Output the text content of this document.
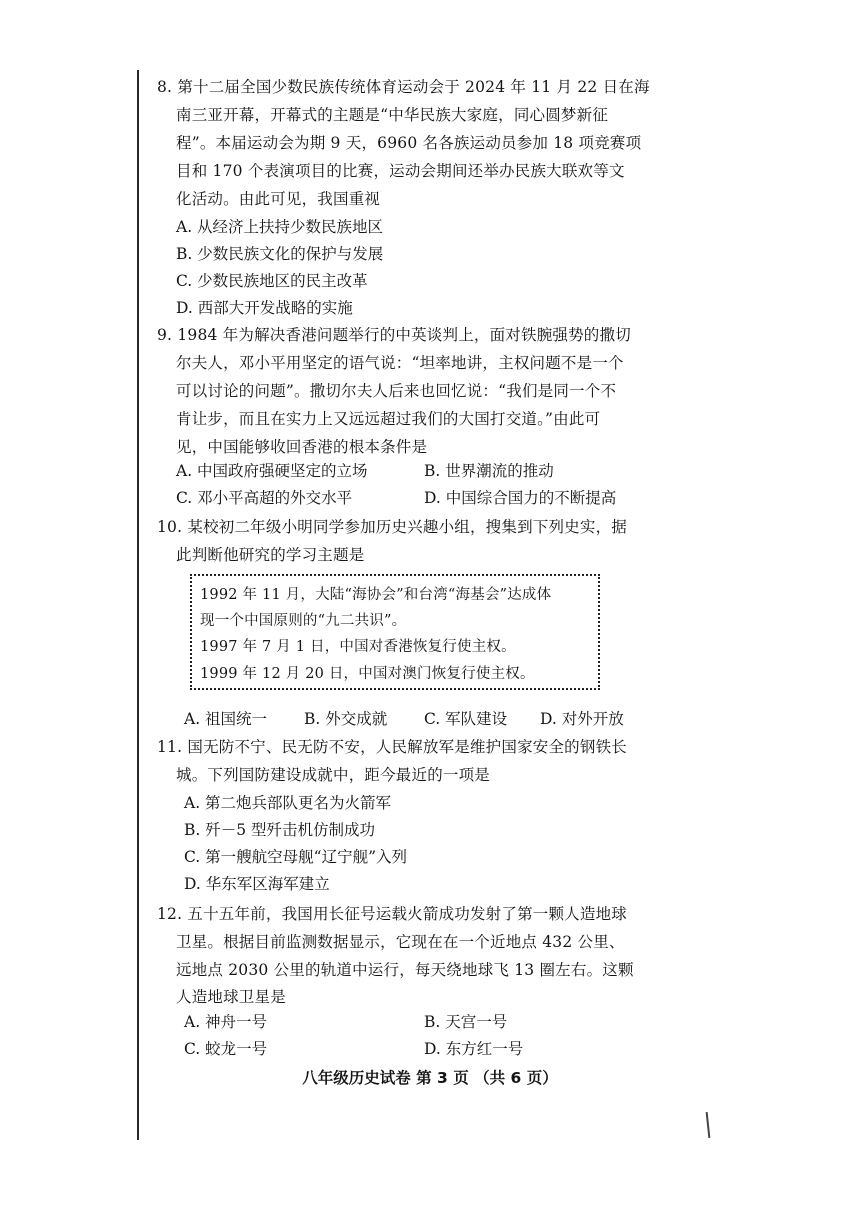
8. 第十二届全国少数民族传统体育运动会于 2024 年 11 月 22 日在海
南三亚开幕，开幕式的主题是“中华民族大家庭，同心圆梦新征
程”。本届运动会为期 9 天，6960 名各族运动员参加 18 项竞赛项
目和 170 个表演项目的比赛，运动会期间还举办民族大联欢等文
化活动。由此可见，我国重视
A. 从经济上扶持少数民族地区
B. 少数民族文化的保护与发展
C. 少数民族地区的民主改革
D. 西部大开发战略的实施
9. 1984 年为解决香港问题举行的中英谈判上，面对铁腕强势的撒切
尔夫人，邓小平用坚定的语气说：“坦率地讲，主权问题不是一个
可以讨论的问题”。撒切尔夫人后来也回忆说：“我们是同一个不
肯让步，而且在实力上又远远超过我们的大国打交道。”由此可
见，中国能够收回香港的根本条件是
A. 中国政府强硬坚定的立场	B. 世界潮流的推动
C. 邓小平高超的外交水平	D. 中国综合国力的不断提高
10. 某校初二年级小明同学参加历史兴趣小组，搜集到下列史实，据
此判断他研究的学习主题是
1992 年 11 月，大陆“海协会”和台湾“海基会”达成体
现一个中国原则的“九二共识”。
1997 年 7 月 1 日，中国对香港恢复行使主权。
1999 年 12 月 20 日，中国对澳门恢复行使主权。
A. 祖国统一 B. 外交成就 C. 军队建设 D. 对外开放
11. 国无防不宁、民无防不安，人民解放军是维护国家安全的钢铁长
城。下列国防建设成就中，距今最近的一项是
A. 第二炮兵部队更名为火箭军
B. 歼－5 型歼击机仿制成功
C. 第一艘航空母舰“辽宁舰”入列
D. 华东军区海军建立
12. 五十五年前，我国用长征号运载火箭成功发射了第一颗人造地球
卫星。根据目前监测数据显示，它现在在一个近地点 432 公里、
远地点 2030 公里的轨道中运行，每天绕地球飞 13 圈左右。这颗
人造地球卫星是
A. 神舟一号	B. 天宫一号
C. 蛟龙一号	D. 东方红一号
八年级历史试卷 第 3 页 （共 6 页）
